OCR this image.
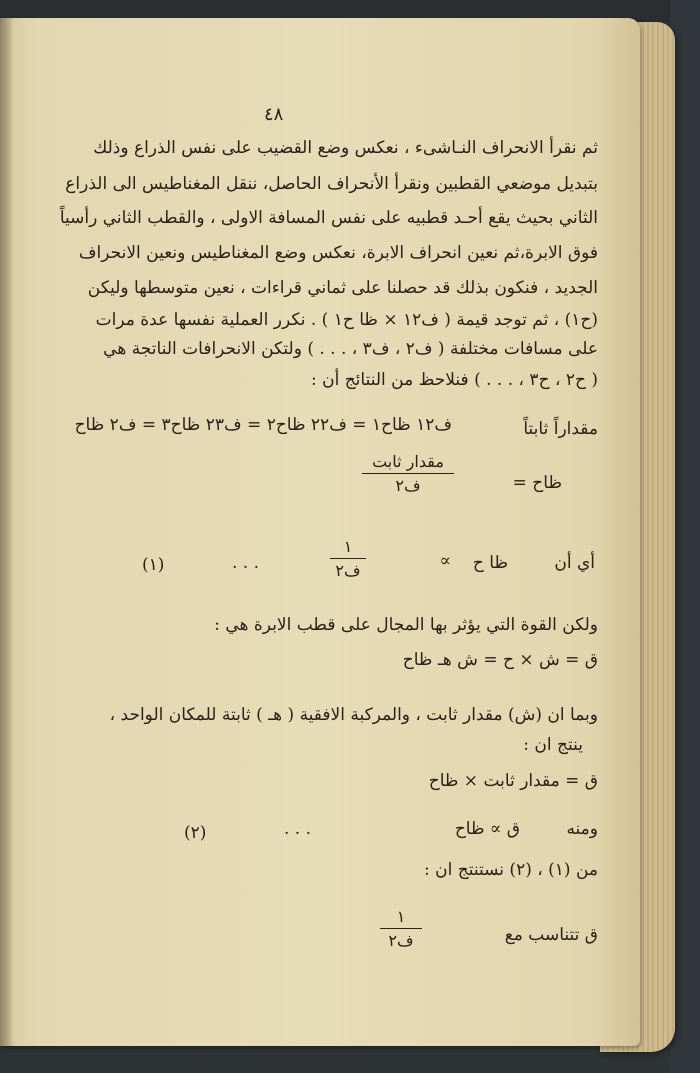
٤٨
ثم نقرأ الانحراف النـاشىء ، نعكس وضع القضيب على نفس الذراع وذلك
بتبديل موضعي القطبين ونقرأ الأنحراف الحاصل، ننقل المغناطيس الى الذراع
الثاني بحيث يقع أحـد قطبيه على نفس المسافة الاولى ، والقطب الثاني رأسياً
فوق الابرة،ثم نعين انحراف الابرة، نعكس وضع المغناطيس ونعين الانحراف
الجديد ، فنكون بذلك قد حصلنا على ثماني قراءات ، نعين متوسطها وليكن
(ح١) ، ثم توجد قيمة ( ف١٢ × ظا ح١ ) . نكرر العملية نفسها عدة مرات
على مسافات مختلفة ( ف٢ ، ف٣ ، . . . ) ولتكن الانحرافات الناتجة هي
( ح٢ ، ح٣ ، . . . ) فنلاحظ من النتائج أن :
ف١٢ ظاح١ = ف٢٢ ظاح٢ = ف٢٣ ظاح٣ = ف٢ ظاح	مقداراً ثابتاً
ظاح =
مقدار ثابت
ف٢
أي أن
ظا ح
∝
١
ف٢
. . .
(١)
ولكن القوة التي يؤثر بها المجال على قطب الابرة هي :
ق = ش × ح = ش هـ ظاح
وبما ان (ش) مقدار ثابت ، والمركبة الافقية ( هـ ) ثابتة للمكان الواحد ،
ينتج ان :
ق = مقدار ثابت × ظاح
ومنه
ق ∝ ظاح
. . .
(٢)
من (١) ، (٢) نستنتج ان :
ق تتناسب مع
١
ف٢
